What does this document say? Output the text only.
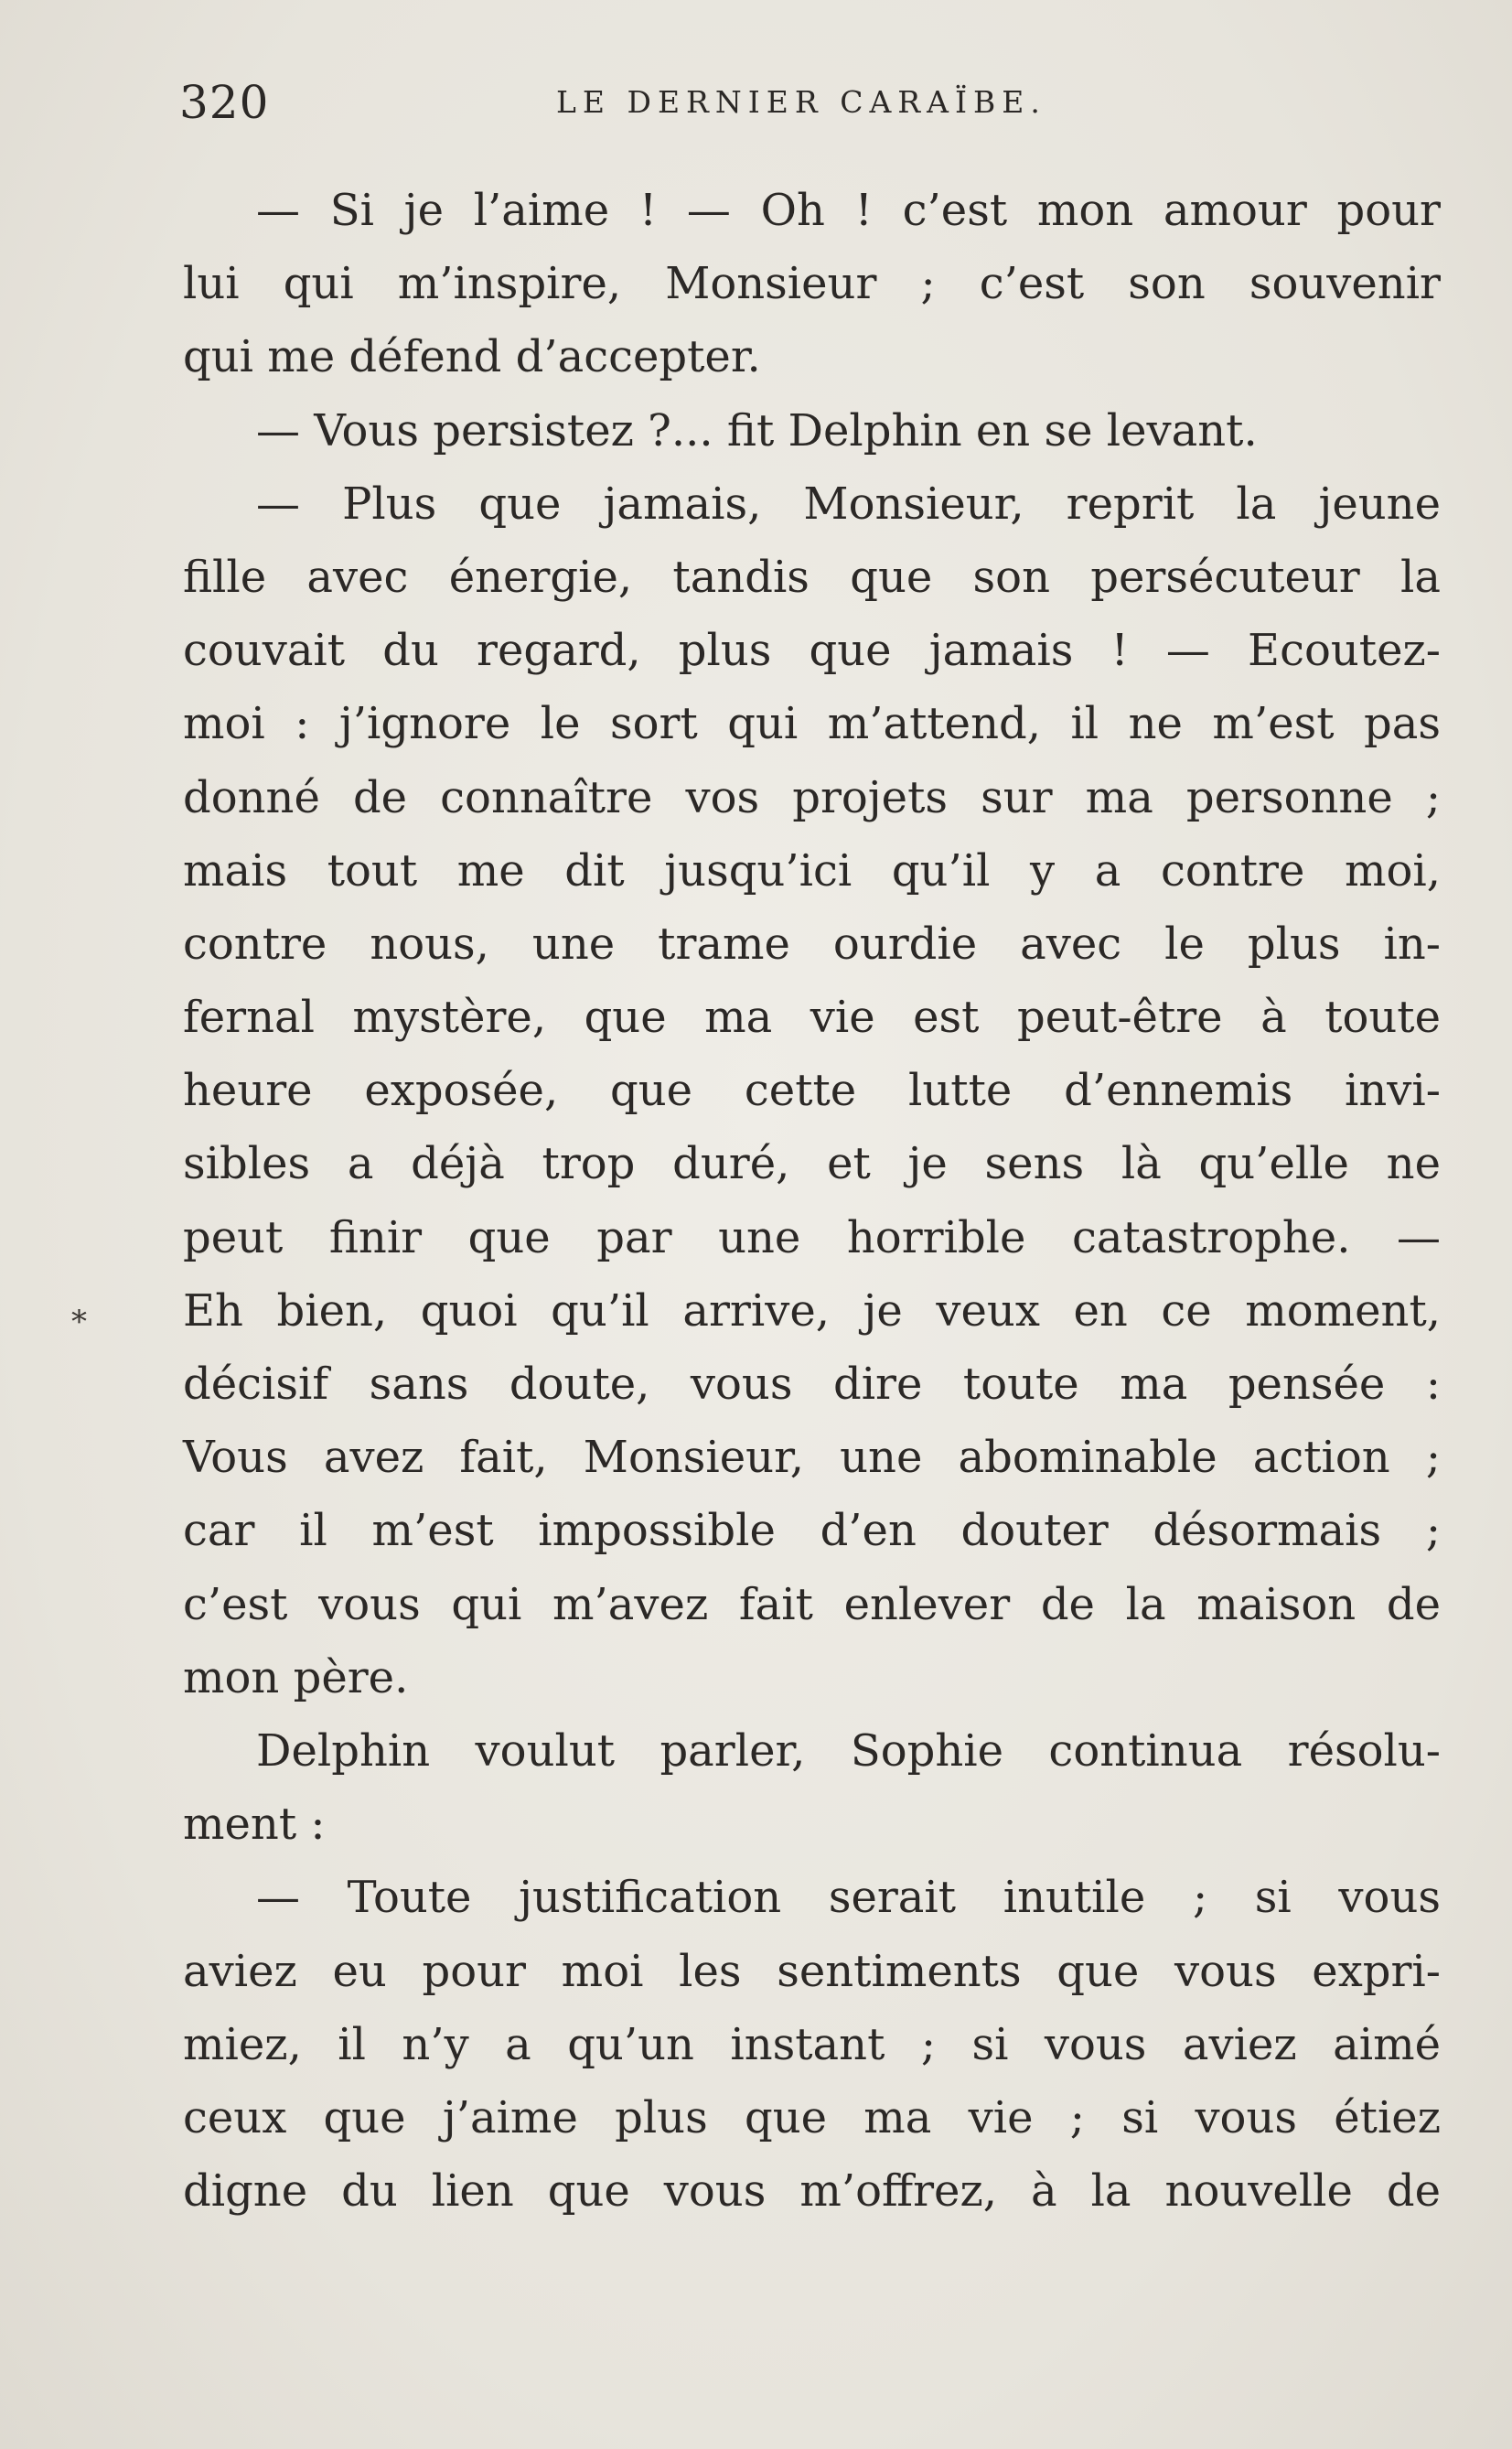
320	LE DERNIER CARAÏBE.
*
— Si je l’aime ! — Oh ! c’est mon amour pour
lui qui m’inspire, Monsieur ; c’est son souvenir
qui me défend d’accepter.
— Vous persistez ?... fit Delphin en se levant.
— Plus que jamais, Monsieur, reprit la jeune
fille avec énergie, tandis que son persécuteur la
couvait du regard, plus que jamais ! — Ecoutez-
moi : j’ignore le sort qui m’attend, il ne m’est pas
donné de connaître vos projets sur ma personne ;
mais tout me dit jusqu’ici qu’il y a contre moi,
contre nous, une trame ourdie avec le plus in-
fernal mystère, que ma vie est peut-être à toute
heure exposée, que cette lutte d’ennemis invi-
sibles a déjà trop duré, et je sens là qu’elle ne
peut finir que par une horrible catastrophe. —
Eh bien, quoi qu’il arrive, je veux en ce moment,
décisif sans doute, vous dire toute ma pensée :
Vous avez fait, Monsieur, une abominable action ;
car il m’est impossible d’en douter désormais ;
c’est vous qui m’avez fait enlever de la maison de
mon père.
Delphin voulut parler, Sophie continua résolu-
ment :
— Toute justification serait inutile ; si vous
aviez eu pour moi les sentiments que vous expri-
miez, il n’y a qu’un instant ; si vous aviez aimé
ceux que j’aime plus que ma vie ; si vous étiez
digne du lien que vous m’offrez, à la nouvelle de
